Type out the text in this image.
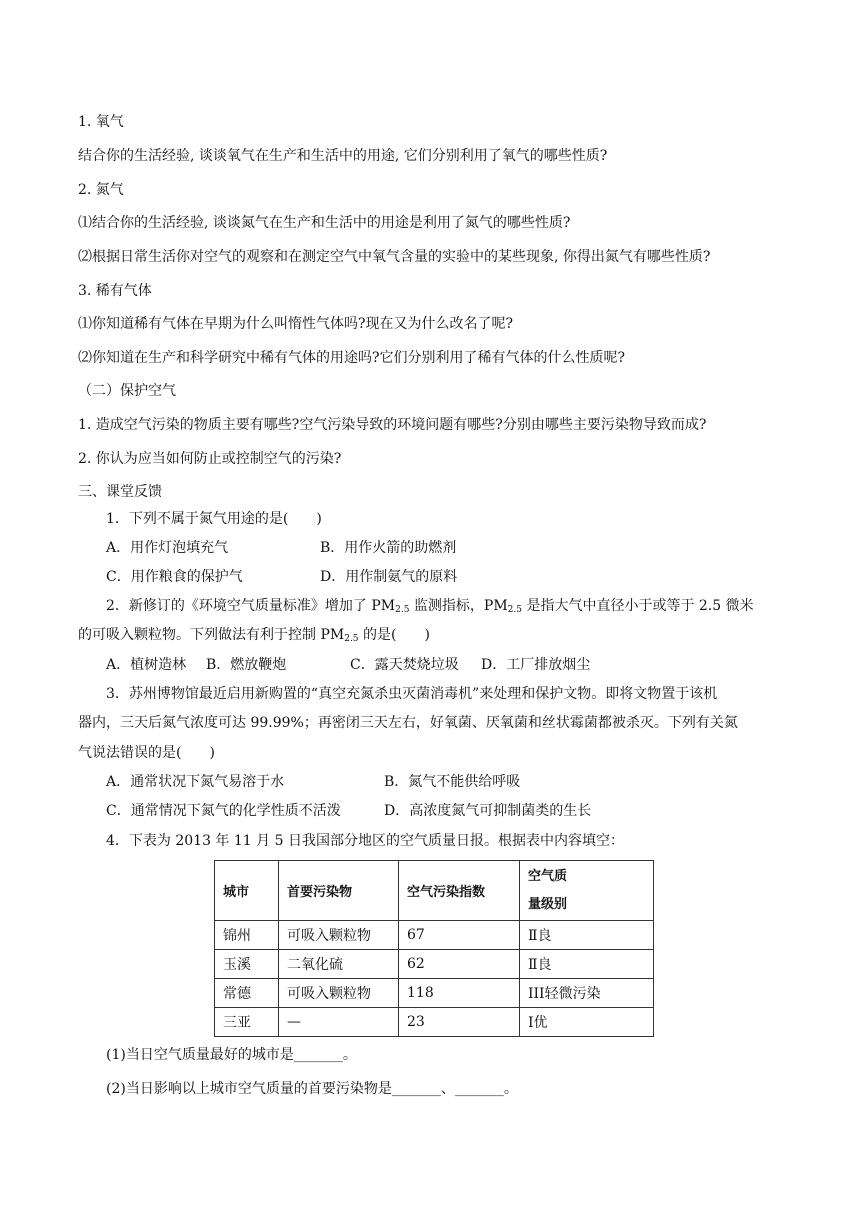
1. 氧气
结合你的生活经验, 谈谈氧气在生产和生活中的用途, 它们分别利用了氧气的哪些性质?
2. 氮气
⑴结合你的生活经验, 谈谈氮气在生产和生活中的用途是利用了氮气的哪些性质?
⑵根据日常生活你对空气的观察和在测定空气中氧气含量的实验中的某些现象, 你得出氮气有哪些性质?
3. 稀有气体
⑴你知道稀有气体在早期为什么叫惰性气体吗?现在又为什么改名了呢?
⑵你知道在生产和科学研究中稀有气体的用途吗?它们分别利用了稀有气体的什么性质呢?
（二）保护空气
1. 造成空气污染的物质主要有哪些?空气污染导致的环境问题有哪些?分别由哪些主要污染物导致而成?
2. 你认为应当如何防止或控制空气的污染?
三、课堂反馈
1．下列不属于氮气用途的是(　　)
A．用作灯泡填充气	B．用作火箭的助燃剂
C．用作粮食的保护气	D．用作制氨气的原料
2．新修订的《环境空气质量标准》增加了 $PM_{2.5}$ 监测指标，$PM_{2.5}$ 是指大气中直径小于或等于 2.5 微米
的可吸入颗粒物。下列做法有利于控制 $PM_{2.5}$ 的是(　　)
A．植树造林 B．燃放鞭炮	C．露天焚烧垃圾 D．工厂排放烟尘
3．苏州博物馆最近启用新购置的“真空充氮杀虫灭菌消毒机”来处理和保护文物。即将文物置于该机
器内，三天后氮气浓度可达 99.99%；再密闭三天左右，好氧菌、厌氧菌和丝状霉菌都被杀灭。下列有关氮
气说法错误的是(　　)
A．通常状况下氮气易溶于水	B．氮气不能供给呼吸
C．通常情况下氮气的化学性质不活泼	D．高浓度氮气可抑制菌类的生长
4．下表为 2013 年 11 月 5 日我国部分地区的空气质量日报。根据表中内容填空：
城市	首要污染物	空气污染指数	空气质
量级别
锦州	可吸入颗粒物	67	Ⅱ良
玉溪	二氧化硫	62	Ⅱ良
常德	可吸入颗粒物	118	III轻微污染
三亚	—	23	Ⅰ优
(1)当日空气质量最好的城市是_______。
(2)当日影响以上城市空气质量的首要污染物是_______、_______。
